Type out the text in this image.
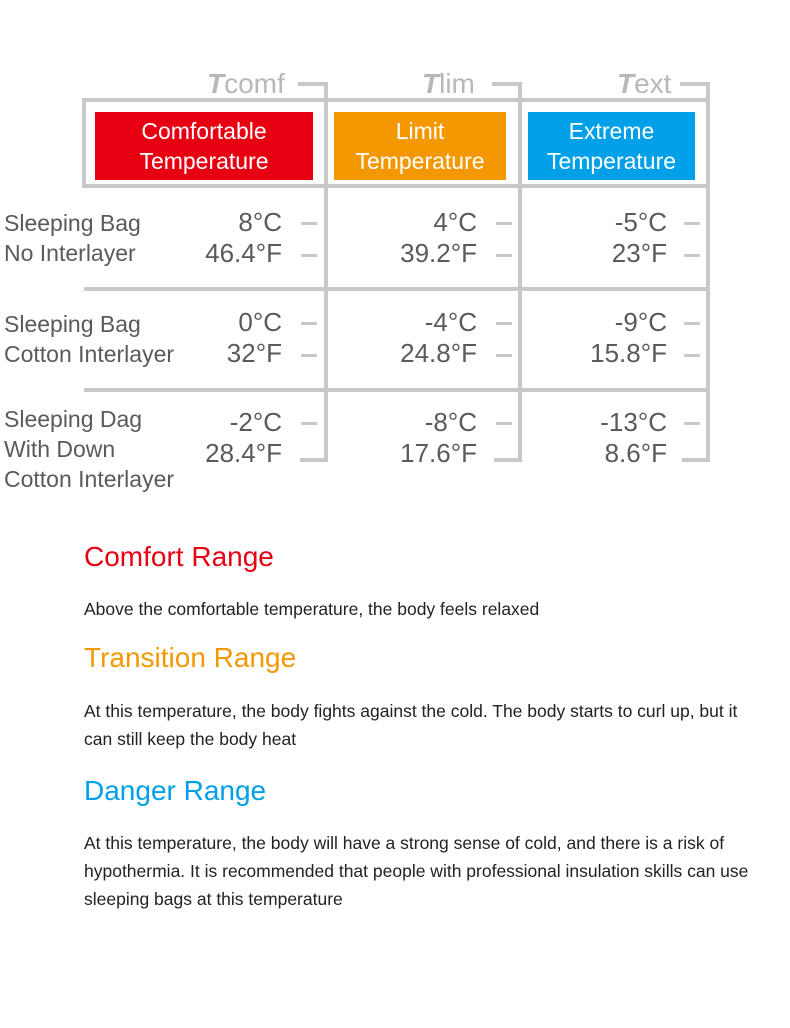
Tcomf	Tlim	Text
Comfortable
Temperature
Limit
Temperature
Extreme
Temperature
Sleeping Bag
No Interlayer
8°C
46.4°F
4°C
39.2°F
-5°C
23°F
Sleeping Bag
Cotton Interlayer
0°C
32°F
-4°C
24.8°F
-9°C
15.8°F
Sleeping Dag
With Down
Cotton Interlayer
-2°C
28.4°F
-8°C
17.6°F
-13°C
8.6°F
Comfort Range
Above the comfortable temperature, the body feels relaxed
Transition Range
At this temperature, the body fights against the cold. The body starts to curl up, but it can still keep the body heat
Danger Range
At this temperature, the body will have a strong sense of cold, and there is a risk of hypothermia. It is recommended that people with professional insulation skills can use sleeping bags at this temperature
